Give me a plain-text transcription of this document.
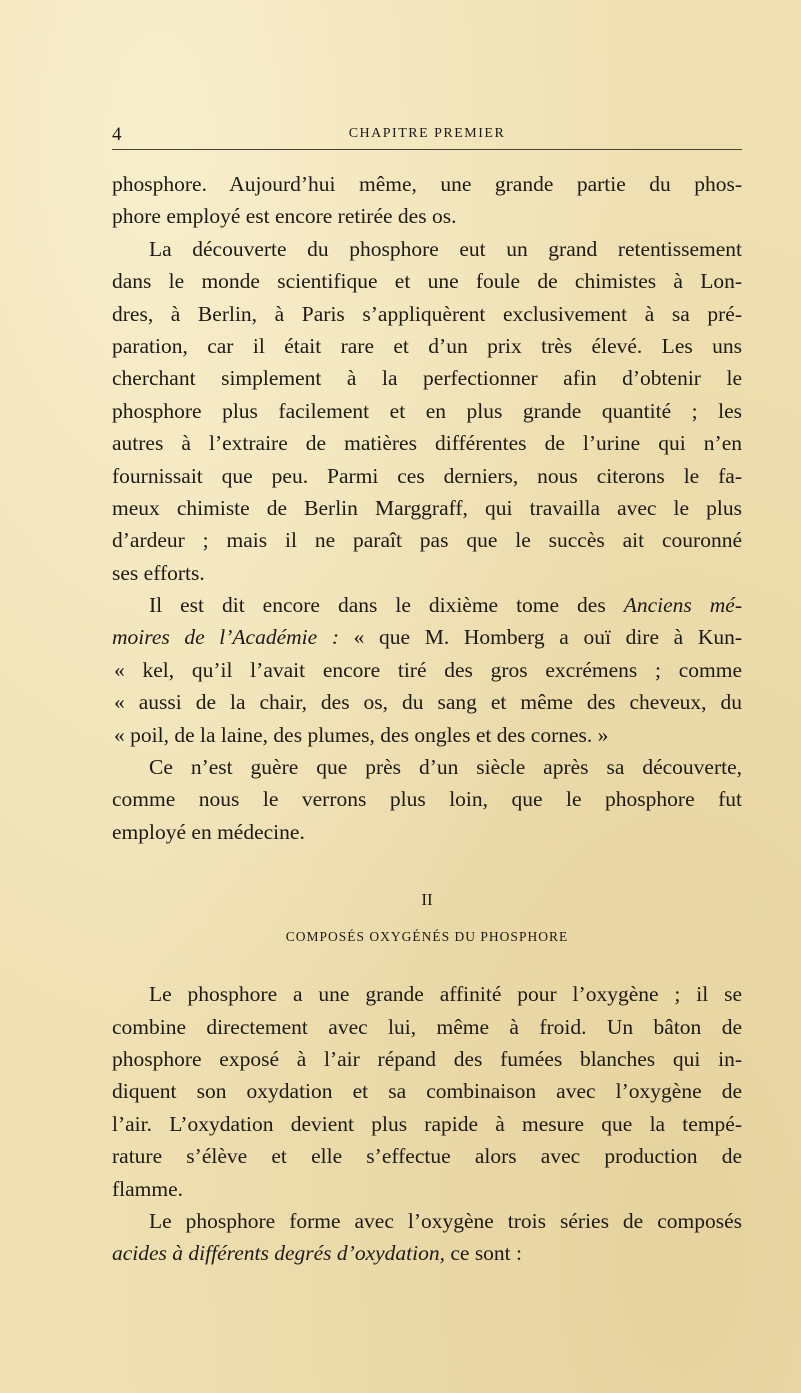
4	CHAPITRE PREMIER
phosphore. Aujourd’hui même, une grande partie du phos-
phore employé est encore retirée des os.
La découverte du phosphore eut un grand retentissement
dans le monde scientifique et une foule de chimistes à Lon-
dres, à Berlin, à Paris s’appliquèrent exclusivement à sa pré-
paration, car il était rare et d’un prix très élevé. Les uns
cherchant simplement à la perfectionner afin d’obtenir le
phosphore plus facilement et en plus grande quantité ; les
autres à l’extraire de matières différentes de l’urine qui n’en
fournissait que peu. Parmi ces derniers, nous citerons le fa-
meux chimiste de Berlin Marggraff, qui travailla avec le plus
d’ardeur ; mais il ne paraît pas que le succès ait couronné
ses efforts.
Il est dit encore dans le dixième tome des Anciens mé-
moires de l’Académie : « que M. Homberg a ouï dire à Kun-
« kel, qu’il l’avait encore tiré des gros excrémens ; comme
« aussi de la chair, des os, du sang et même des cheveux, du
« poil, de la laine, des plumes, des ongles et des cornes. »
Ce n’est guère que près d’un siècle après sa découverte,
comme nous le verrons plus loin, que le phosphore fut
employé en médecine.
II
COMPOSÉS OXYGÉNÉS DU PHOSPHORE
Le phosphore a une grande affinité pour l’oxygène ; il se
combine directement avec lui, même à froid. Un bâton de
phosphore exposé à l’air répand des fumées blanches qui in-
diquent son oxydation et sa combinaison avec l’oxygène de
l’air. L’oxydation devient plus rapide à mesure que la tempé-
rature s’élève et elle s’effectue alors avec production de
flamme.
Le phosphore forme avec l’oxygène trois séries de composés
acides à différents degrés d’oxydation, ce sont :
